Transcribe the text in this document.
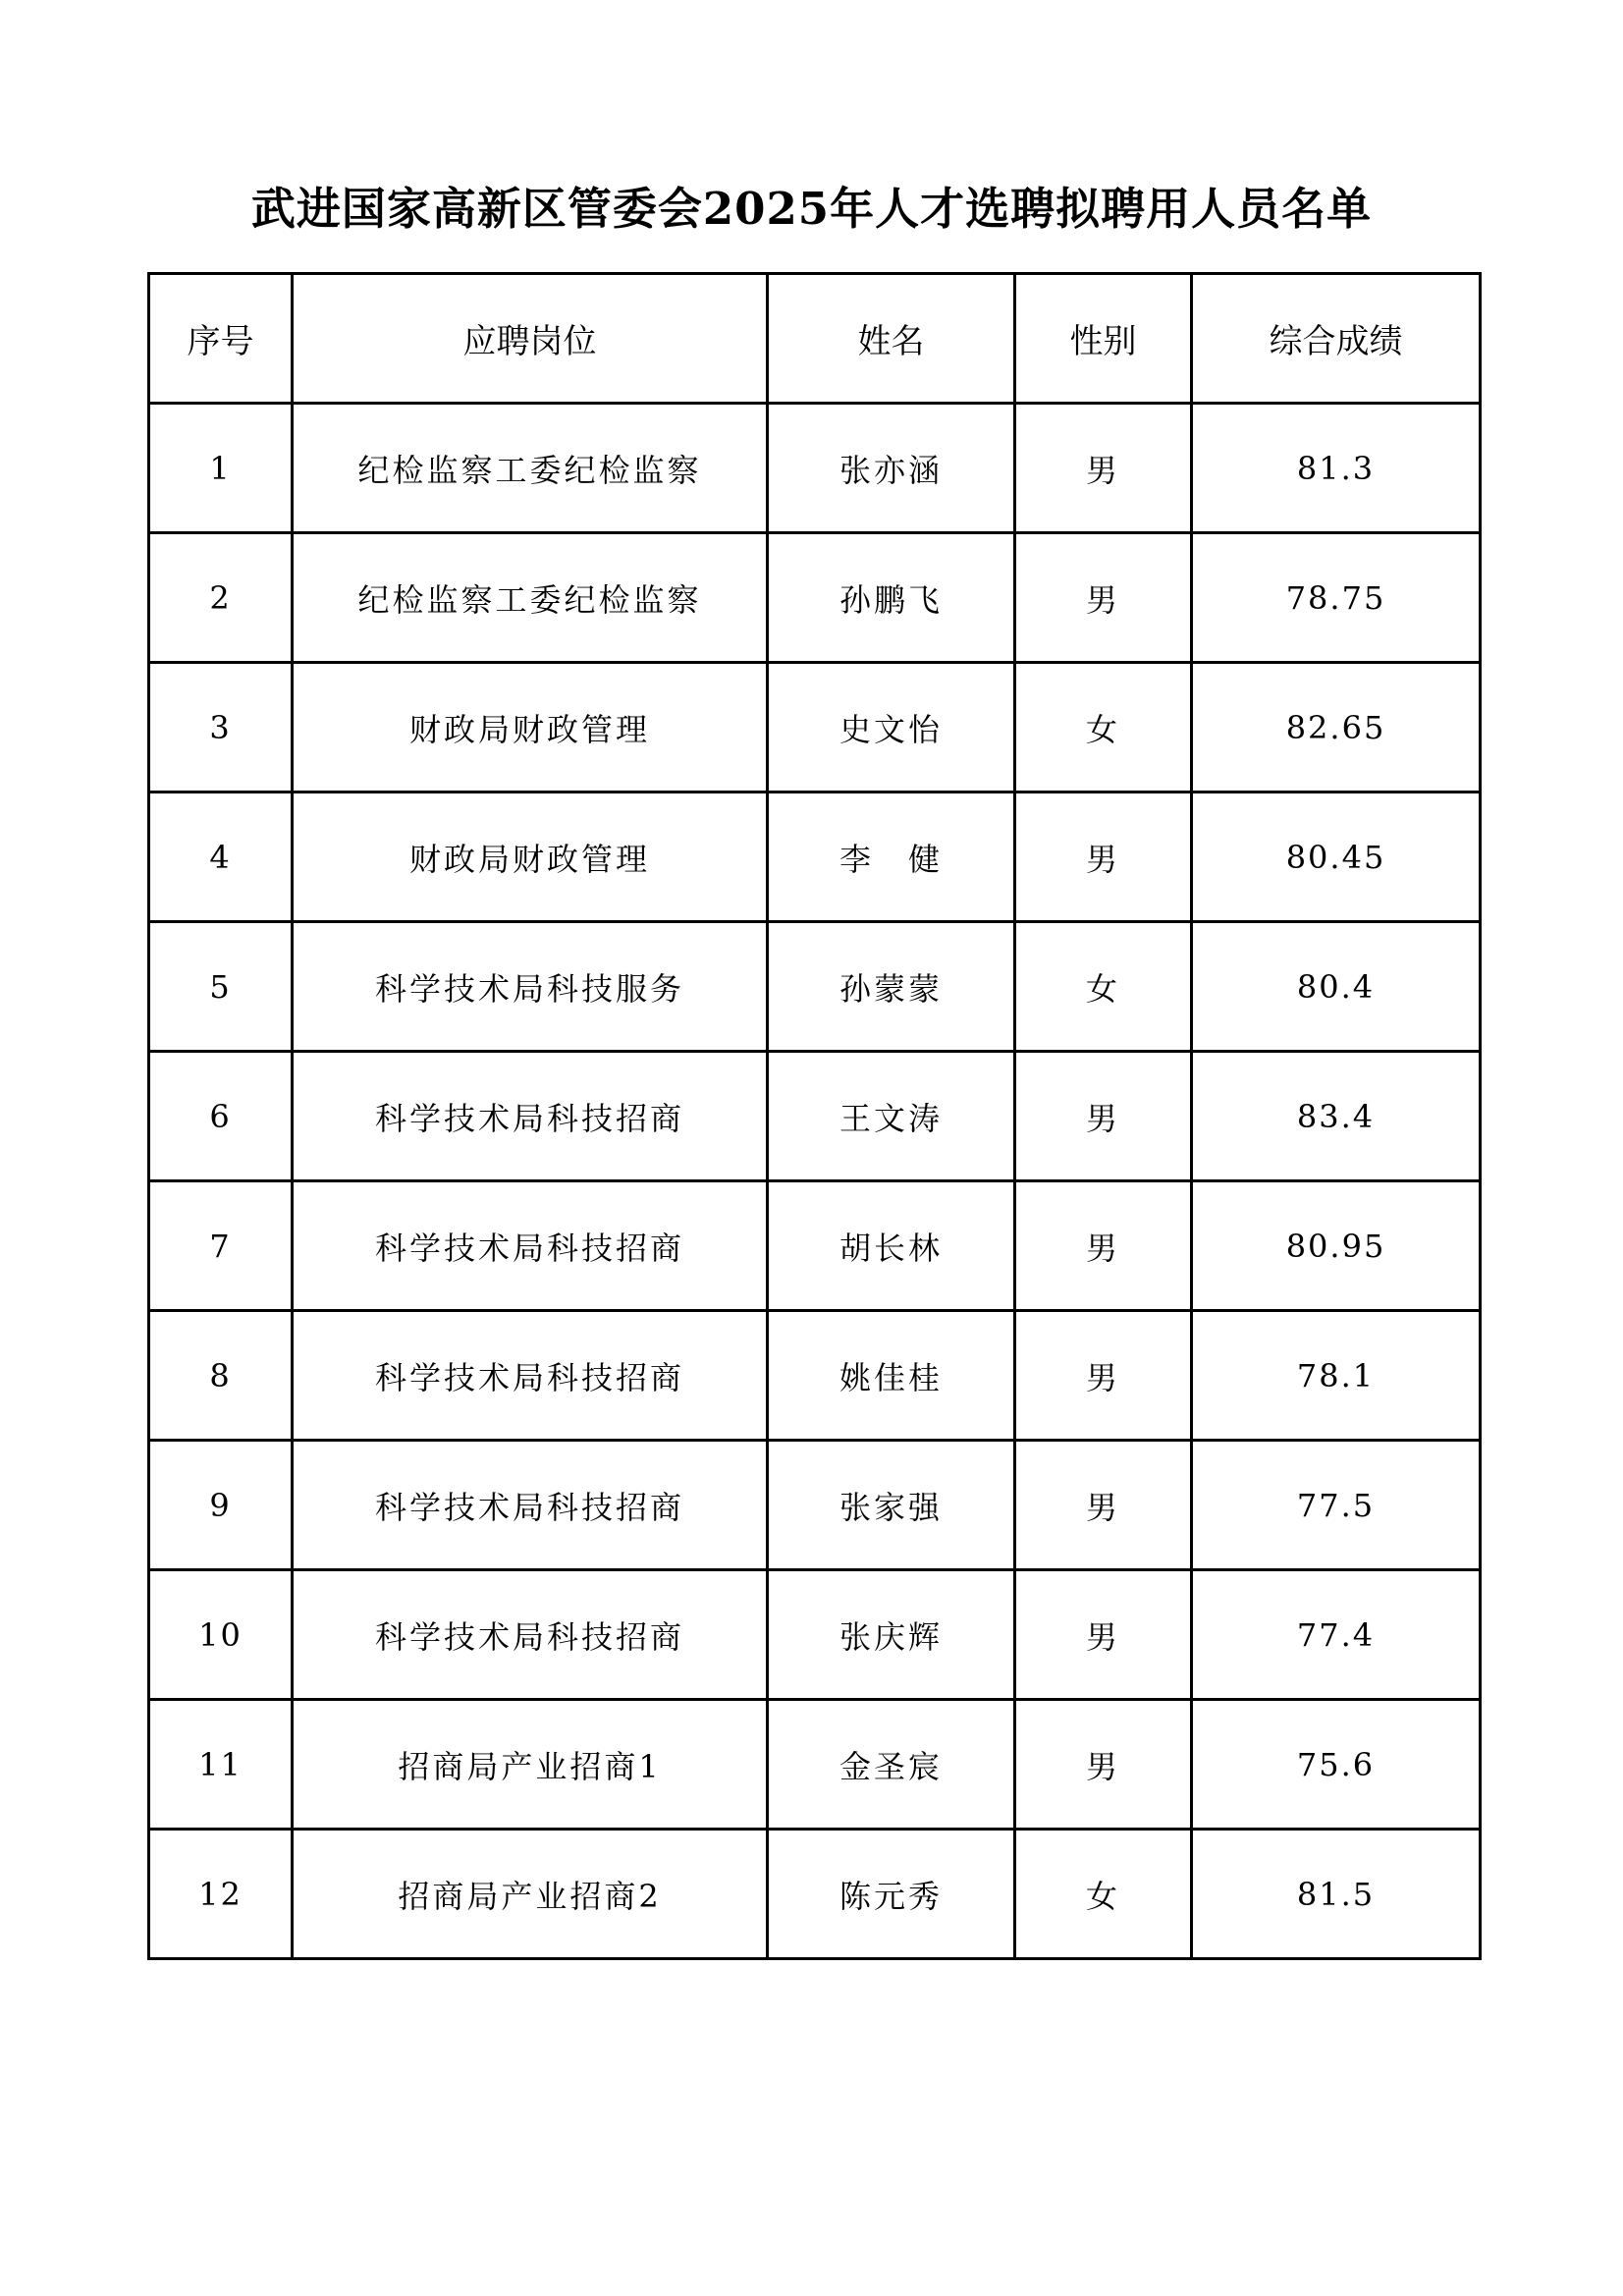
武进国家高新区管委会2025年人才选聘拟聘用人员名单
序号	应聘岗位	姓名	性别	综合成绩
1	纪检监察工委纪检监察	张亦涵	男	81.3
2	纪检监察工委纪检监察	孙鹏飞	男	78.75
3	财政局财政管理	史文怡	女	82.65
4	财政局财政管理	李　健	男	80.45
5	科学技术局科技服务	孙蒙蒙	女	80.4
6	科学技术局科技招商	王文涛	男	83.4
7	科学技术局科技招商	胡长林	男	80.95
8	科学技术局科技招商	姚佳桂	男	78.1
9	科学技术局科技招商	张家强	男	77.5
10	科学技术局科技招商	张庆辉	男	77.4
11	招商局产业招商1	金圣宸	男	75.6
12	招商局产业招商2	陈元秀	女	81.5
